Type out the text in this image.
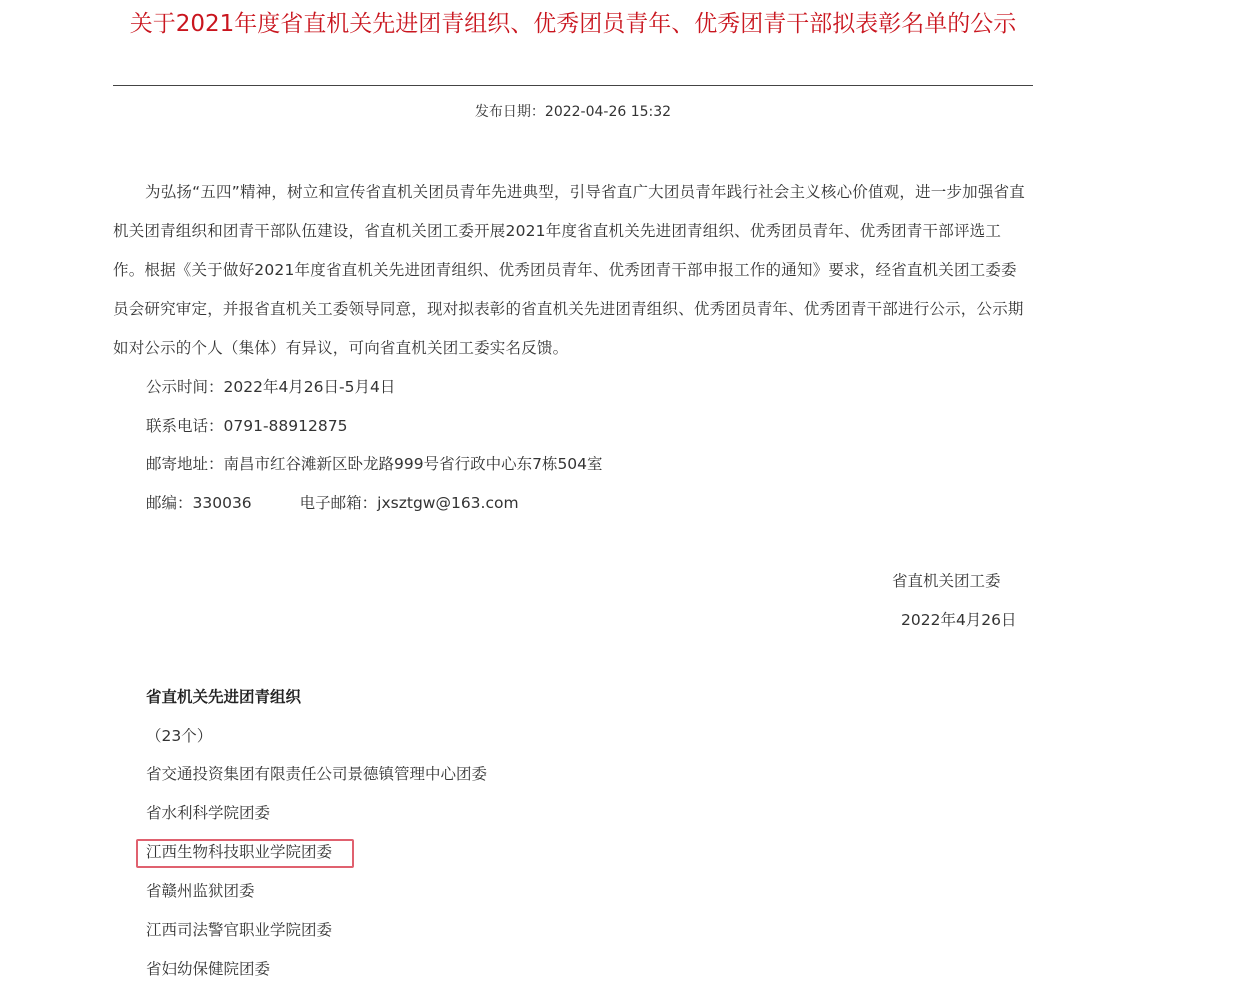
关于2021年度省直机关先进团青组织、优秀团员青年、优秀团青干部拟表彰名单的公示
发布日期：2022-04-26 15:32

为弘扬“五四”精神，树立和宣传省直机关团员青年先进典型，引导省直广大团员青年践行社会主义核心价值观，进一步加强省直机关团青组织和团青干部队伍建设，省直机关团工委开展2021年度省直机关先进团青组织、优秀团员青年、优秀团青干部评选工作。根据《关于做好2021年度省直机关先进团青组织、优秀团员青年、优秀团青干部申报工作的通知》要求，经省直机关团工委委员会研究审定，并报省直机关工委领导同意，现对拟表彰的省直机关先进团青组织、优秀团员青年、优秀团青干部进行公示，公示期如对公示的个人（集体）有异议，可向省直机关团工委实名反馈。

公示时间：2022年4月26日-5月4日
联系电话：0791-88912875
邮寄地址：南昌市红谷滩新区卧龙路999号省行政中心东7栋504室
邮编：330036	电子邮箱：jxsztgw@163.com
省直机关团工委
2022年4月26日
省直机关先进团青组织
（23个）
省交通投资集团有限责任公司景德镇管理中心团委
省水利科学院团委
江西生物科技职业学院团委
省赣州监狱团委
江西司法警官职业学院团委
省妇幼保健院团委
